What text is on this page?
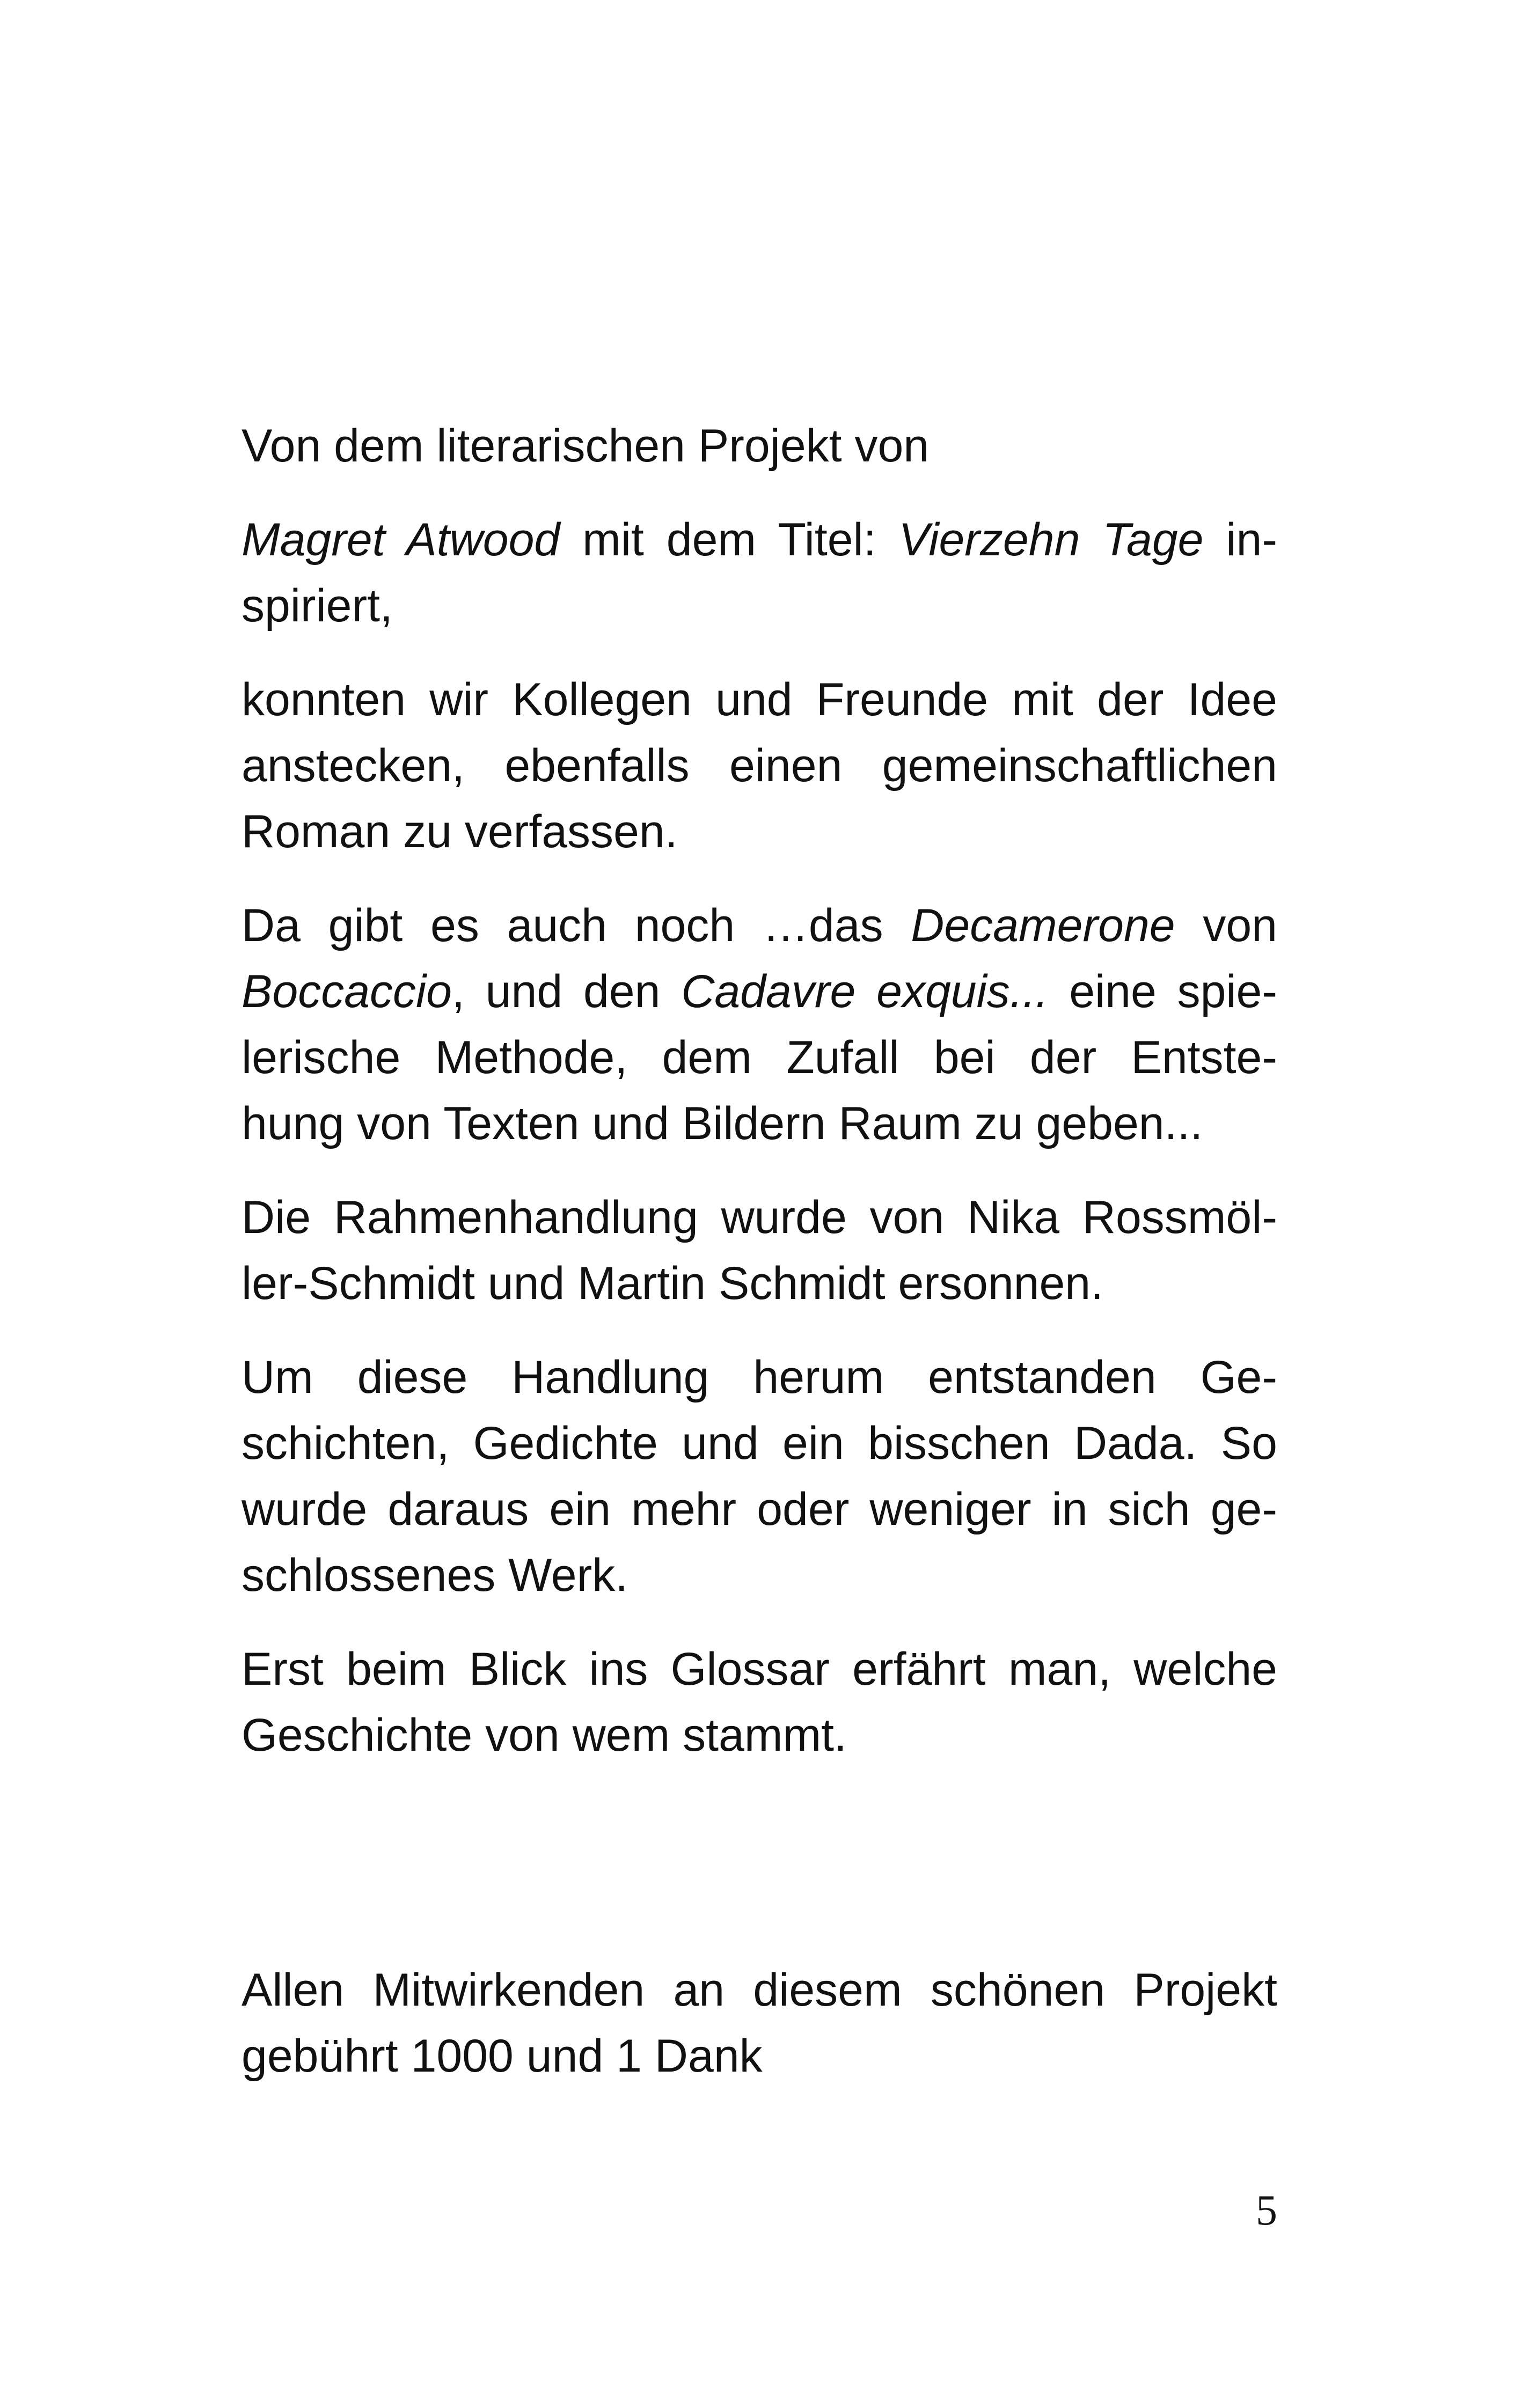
Von dem literarischen Projekt von
Magret Atwood mit dem Titel: Vierzehn Tage in-
spiriert,
konnten wir Kollegen und Freunde mit der Idee
anstecken, ebenfalls einen gemeinschaftlichen
Roman zu verfassen.
Da gibt es auch noch …das Decamerone von
Boccaccio, und den Cadavre exquis... eine spie-
lerische Methode, dem Zufall bei der Entste-
hung von Texten und Bildern Raum zu geben...
Die Rahmenhandlung wurde von Nika Rossmöl-
ler-Schmidt und Martin Schmidt ersonnen.
Um diese Handlung herum entstanden Ge-
schichten, Gedichte und ein bisschen Dada. So
wurde daraus ein mehr oder weniger in sich ge-
schlossenes Werk.
Erst beim Blick ins Glossar erfährt man, welche
Geschichte von wem stammt.
Allen Mitwirkenden an diesem schönen Projekt
gebührt 1000 und 1 Dank
5
